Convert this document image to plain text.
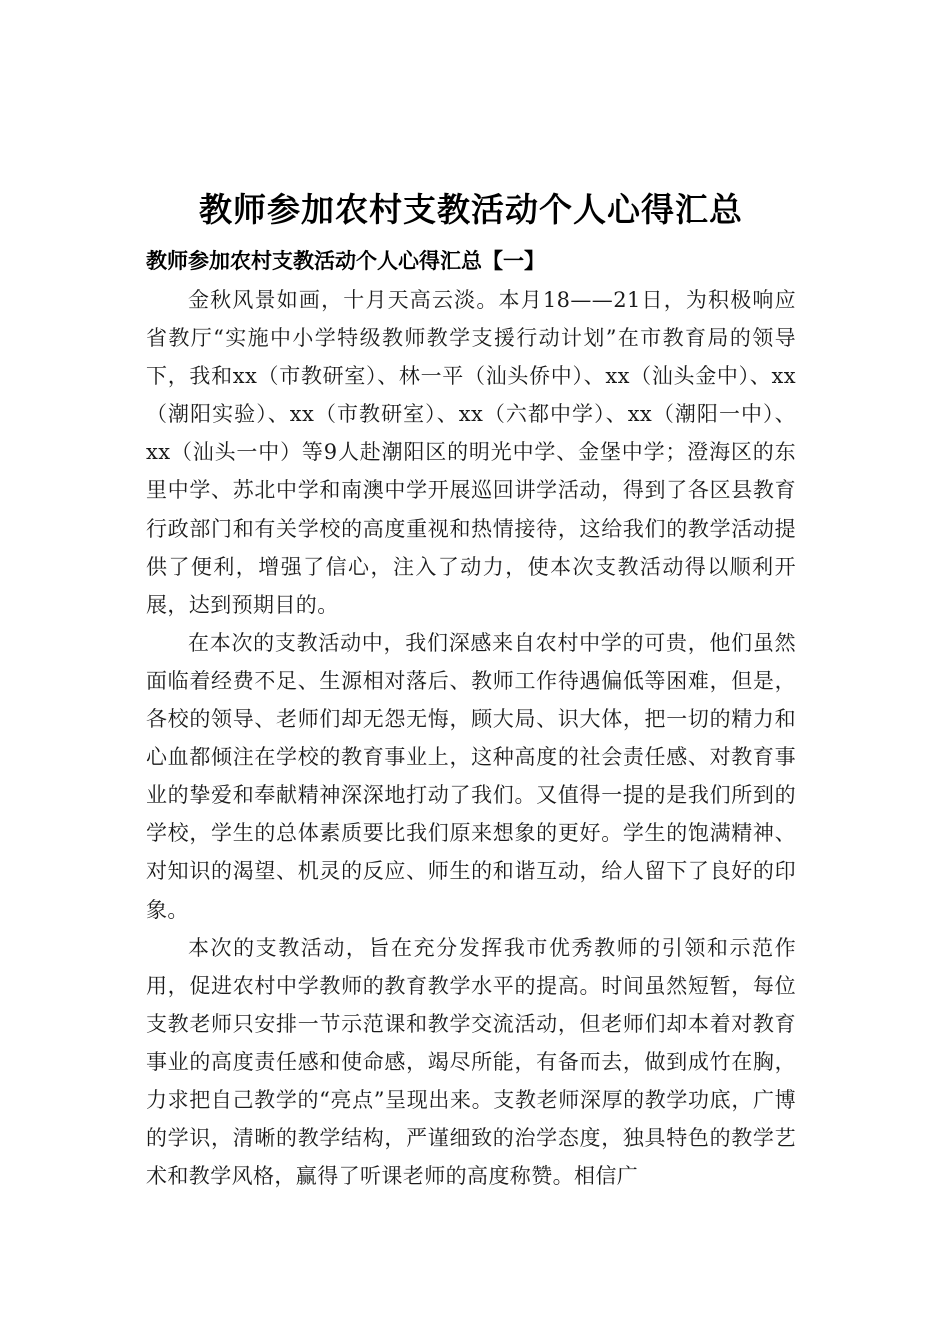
教师参加农村支教活动个人心得汇总
教师参加农村支教活动个人心得汇总【一】

金秋风景如画，十月天高云淡。本月18——21日，为积极响应省教厅“实施中小学特级教师教学支援行动计划”在市教育局的领导下，我和xx（市教研室）、林一平（汕头侨中）、xx（汕头金中）、xx（潮阳实验）、xx（市教研室）、xx（六都中学）、xx（潮阳一中）、xx（汕头一中）等9人赴潮阳区的明光中学、金堡中学；澄海区的东里中学、苏北中学和南澳中学开展巡回讲学活动，得到了各区县教育行政部门和有关学校的高度重视和热情接待，这给我们的教学活动提供了便利，增强了信心，注入了动力，使本次支教活动得以顺利开展，达到预期目的。

在本次的支教活动中，我们深感来自农村中学的可贵，他们虽然面临着经费不足、生源相对落后、教师工作待遇偏低等困难，但是，各校的领导、老师们却无怨无悔，顾大局、识大体，把一切的精力和心血都倾注在学校的教育事业上，这种高度的社会责任感、对教育事业的挚爱和奉献精神深深地打动了我们。又值得一提的是我们所到的学校，学生的总体素质要比我们原来想象的更好。学生的饱满精神、对知识的渴望、机灵的反应、师生的和谐互动，给人留下了良好的印象。

本次的支教活动，旨在充分发挥我市优秀教师的引领和示范作用，促进农村中学教师的教育教学水平的提高。时间虽然短暂，每位支教老师只安排一节示范课和教学交流活动，但老师们却本着对教育事业的高度责任感和使命感，竭尽所能，有备而去，做到成竹在胸，力求把自己教学的“亮点”呈现出来。支教老师深厚的教学功底，广博的学识，清晰的教学结构，严谨细致的治学态度，独具特色的教学艺术和教学风格，赢得了听课老师的高度称赞。相信广
